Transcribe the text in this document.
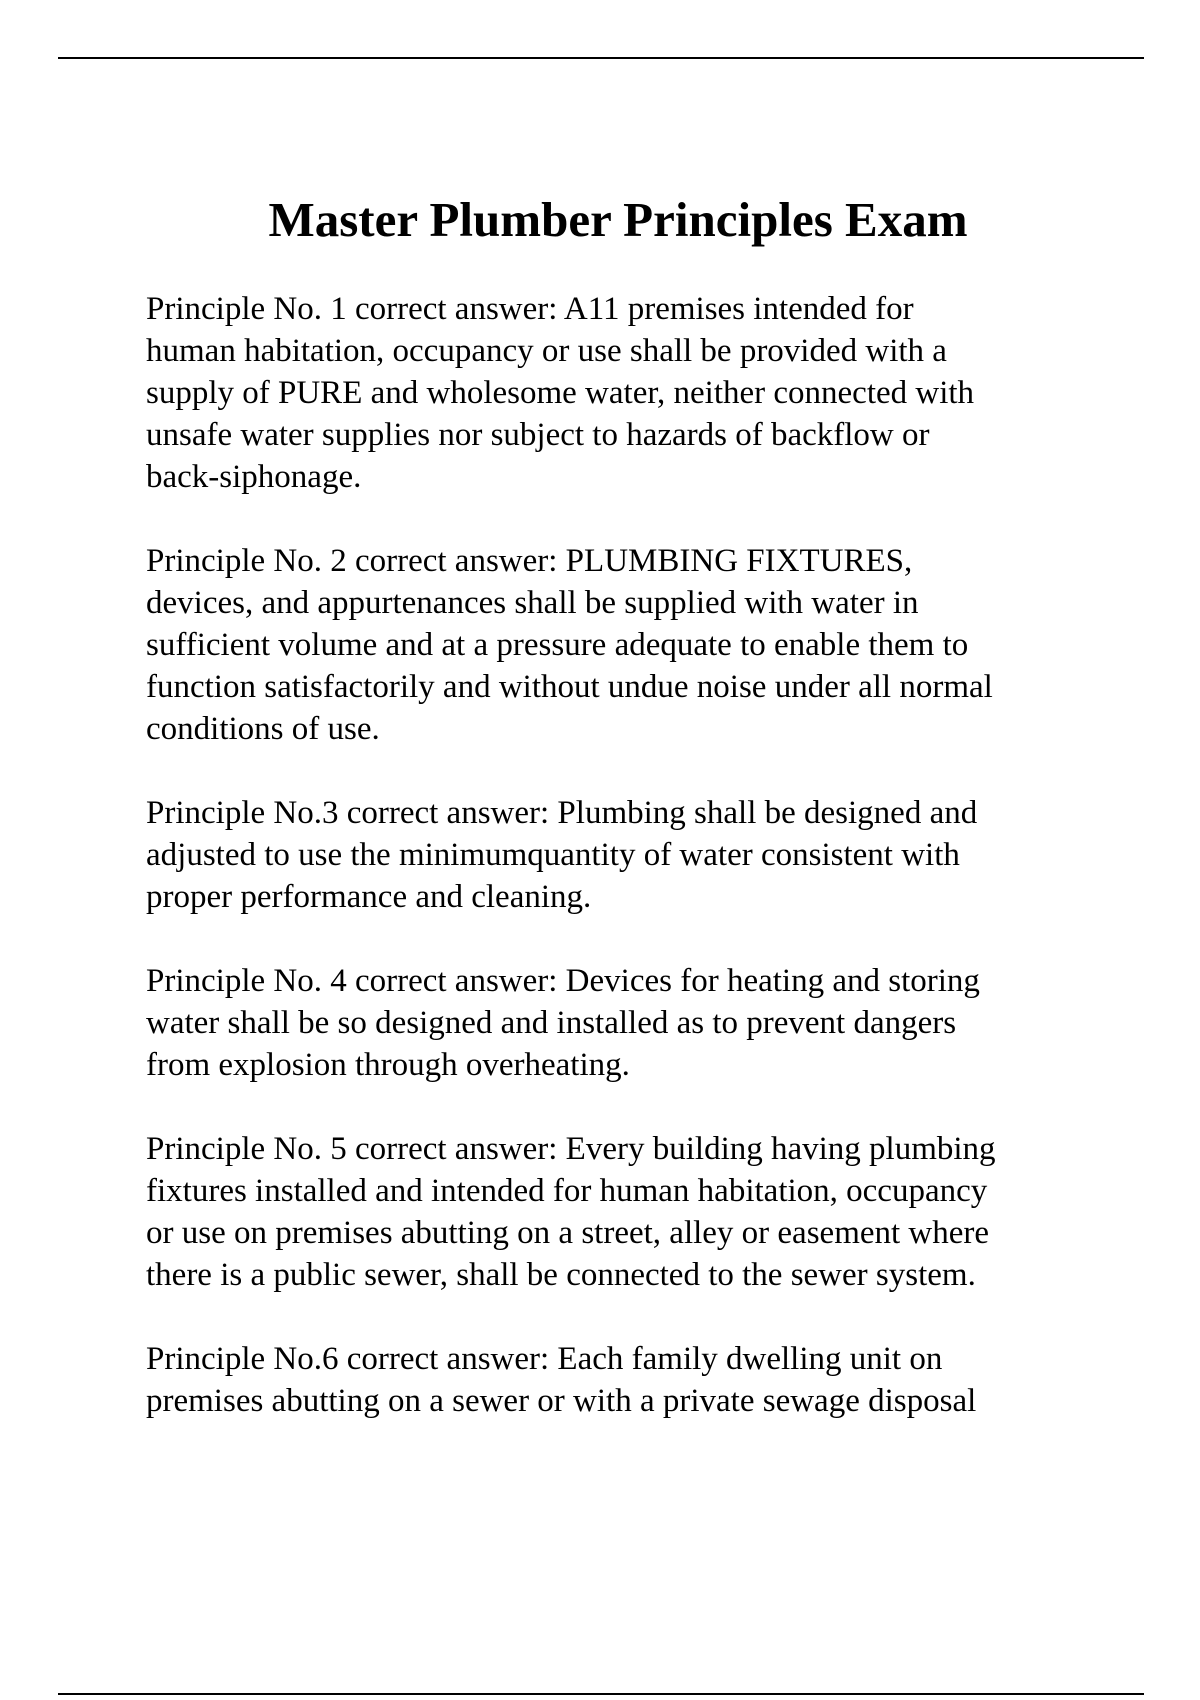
Master Plumber Principles Exam

Principle No. 1 correct answer: A11 premises intended for
human habitation, occupancy or use shall be provided with a
supply of PURE and wholesome water, neither connected with
unsafe water supplies nor subject to hazards of backflow or
back-siphonage.

Principle No. 2 correct answer: PLUMBING FIXTURES,
devices, and appurtenances shall be supplied with water in
sufficient volume and at a pressure adequate to enable them to
function satisfactorily and without undue noise under all normal
conditions of use.

Principle No.3 correct answer: Plumbing shall be designed and
adjusted to use the minimumquantity of water consistent with
proper performance and cleaning.

Principle No. 4 correct answer: Devices for heating and storing
water shall be so designed and installed as to prevent dangers
from explosion through overheating.

Principle No. 5 correct answer: Every building having plumbing
fixtures installed and intended for human habitation, occupancy
or use on premises abutting on a street, alley or easement where
there is a public sewer, shall be connected to the sewer system.

Principle No.6 correct answer: Each family dwelling unit on
premises abutting on a sewer or with a private sewage disposal
